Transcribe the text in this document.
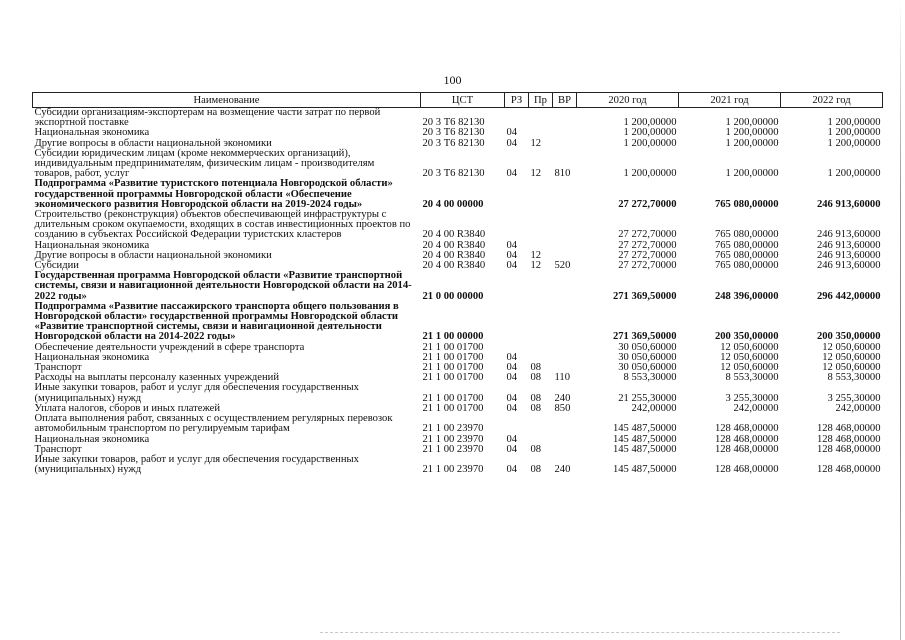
100
Наименование	ЦСТ	РЗ	Пр	ВР	2020 год	2021 год	2022 год
Субсидии организациям-экспортерам на возмещение части затрат по первой экспортной поставке	20 3 Т6 82130				1 200,00000	1 200,00000	1 200,00000
Национальная экономика	20 3 Т6 82130	04			1 200,00000	1 200,00000	1 200,00000
Другие вопросы в области национальной экономики	20 3 Т6 82130	04	12		1 200,00000	1 200,00000	1 200,00000
Субсидии юридическим лицам (кроме некоммерческих организаций), индивидуальным предпринимателям, физическим лицам - производителям товаров, работ, услуг	20 3 Т6 82130	04	12	810	1 200,00000	1 200,00000	1 200,00000
Подпрограмма «Развитие туристского потенциала Новгородской области» государственной программы Новгородской области «Обеспечение экономического развития Новгородской области на 2019-2024 годы»	20 4 00 00000				27 272,70000	765 080,00000	246 913,60000
Строительство (реконструкция) объектов обеспечивающей инфраструктуры с длительным сроком окупаемости, входящих в состав инвестиционных проектов по созданию в субъектах Российской Федерации туристских кластеров	20 4 00 R3840				27 272,70000	765 080,00000	246 913,60000
Национальная экономика	20 4 00 R3840	04			27 272,70000	765 080,00000	246 913,60000
Другие вопросы в области национальной экономики	20 4 00 R3840	04	12		27 272,70000	765 080,00000	246 913,60000
Субсидии	20 4 00 R3840	04	12	520	27 272,70000	765 080,00000	246 913,60000
Государственная программа Новгородской области «Развитие транспортной системы, связи и навигационной деятельности Новгородской области на 2014-2022 годы»	21 0 00 00000				271 369,50000	248 396,00000	296 442,00000
Подпрограмма «Развитие пассажирского транспорта общего пользования в Новгородской области» государственной программы Новгородской области «Развитие транспортной системы, связи и навигационной деятельности Новгородской области на 2014-2022 годы»	21 1 00 00000				271 369,50000	200 350,00000	200 350,00000
Обеспечение деятельности учреждений в сфере транспорта	21 1 00 01700				30 050,60000	12 050,60000	12 050,60000
Национальная экономика	21 1 00 01700	04			30 050,60000	12 050,60000	12 050,60000
Транспорт	21 1 00 01700	04	08		30 050,60000	12 050,60000	12 050,60000
Расходы на выплаты персоналу казенных учреждений	21 1 00 01700	04	08	110	8 553,30000	8 553,30000	8 553,30000
Иные закупки товаров, работ и услуг для обеспечения государственных (муниципальных) нужд	21 1 00 01700	04	08	240	21 255,30000	3 255,30000	3 255,30000
Уплата налогов, сборов и иных платежей	21 1 00 01700	04	08	850	242,00000	242,00000	242,00000
Оплата выполнения работ, связанных с осуществлением регулярных перевозок автомобильным транспортом по регулируемым тарифам	21 1 00 23970				145 487,50000	128 468,00000	128 468,00000
Национальная экономика	21 1 00 23970	04			145 487,50000	128 468,00000	128 468,00000
Транспорт	21 1 00 23970	04	08		145 487,50000	128 468,00000	128 468,00000
Иные закупки товаров, работ и услуг для обеспечения государственных (муниципальных) нужд	21 1 00 23970	04	08	240	145 487,50000	128 468,00000	128 468,00000
